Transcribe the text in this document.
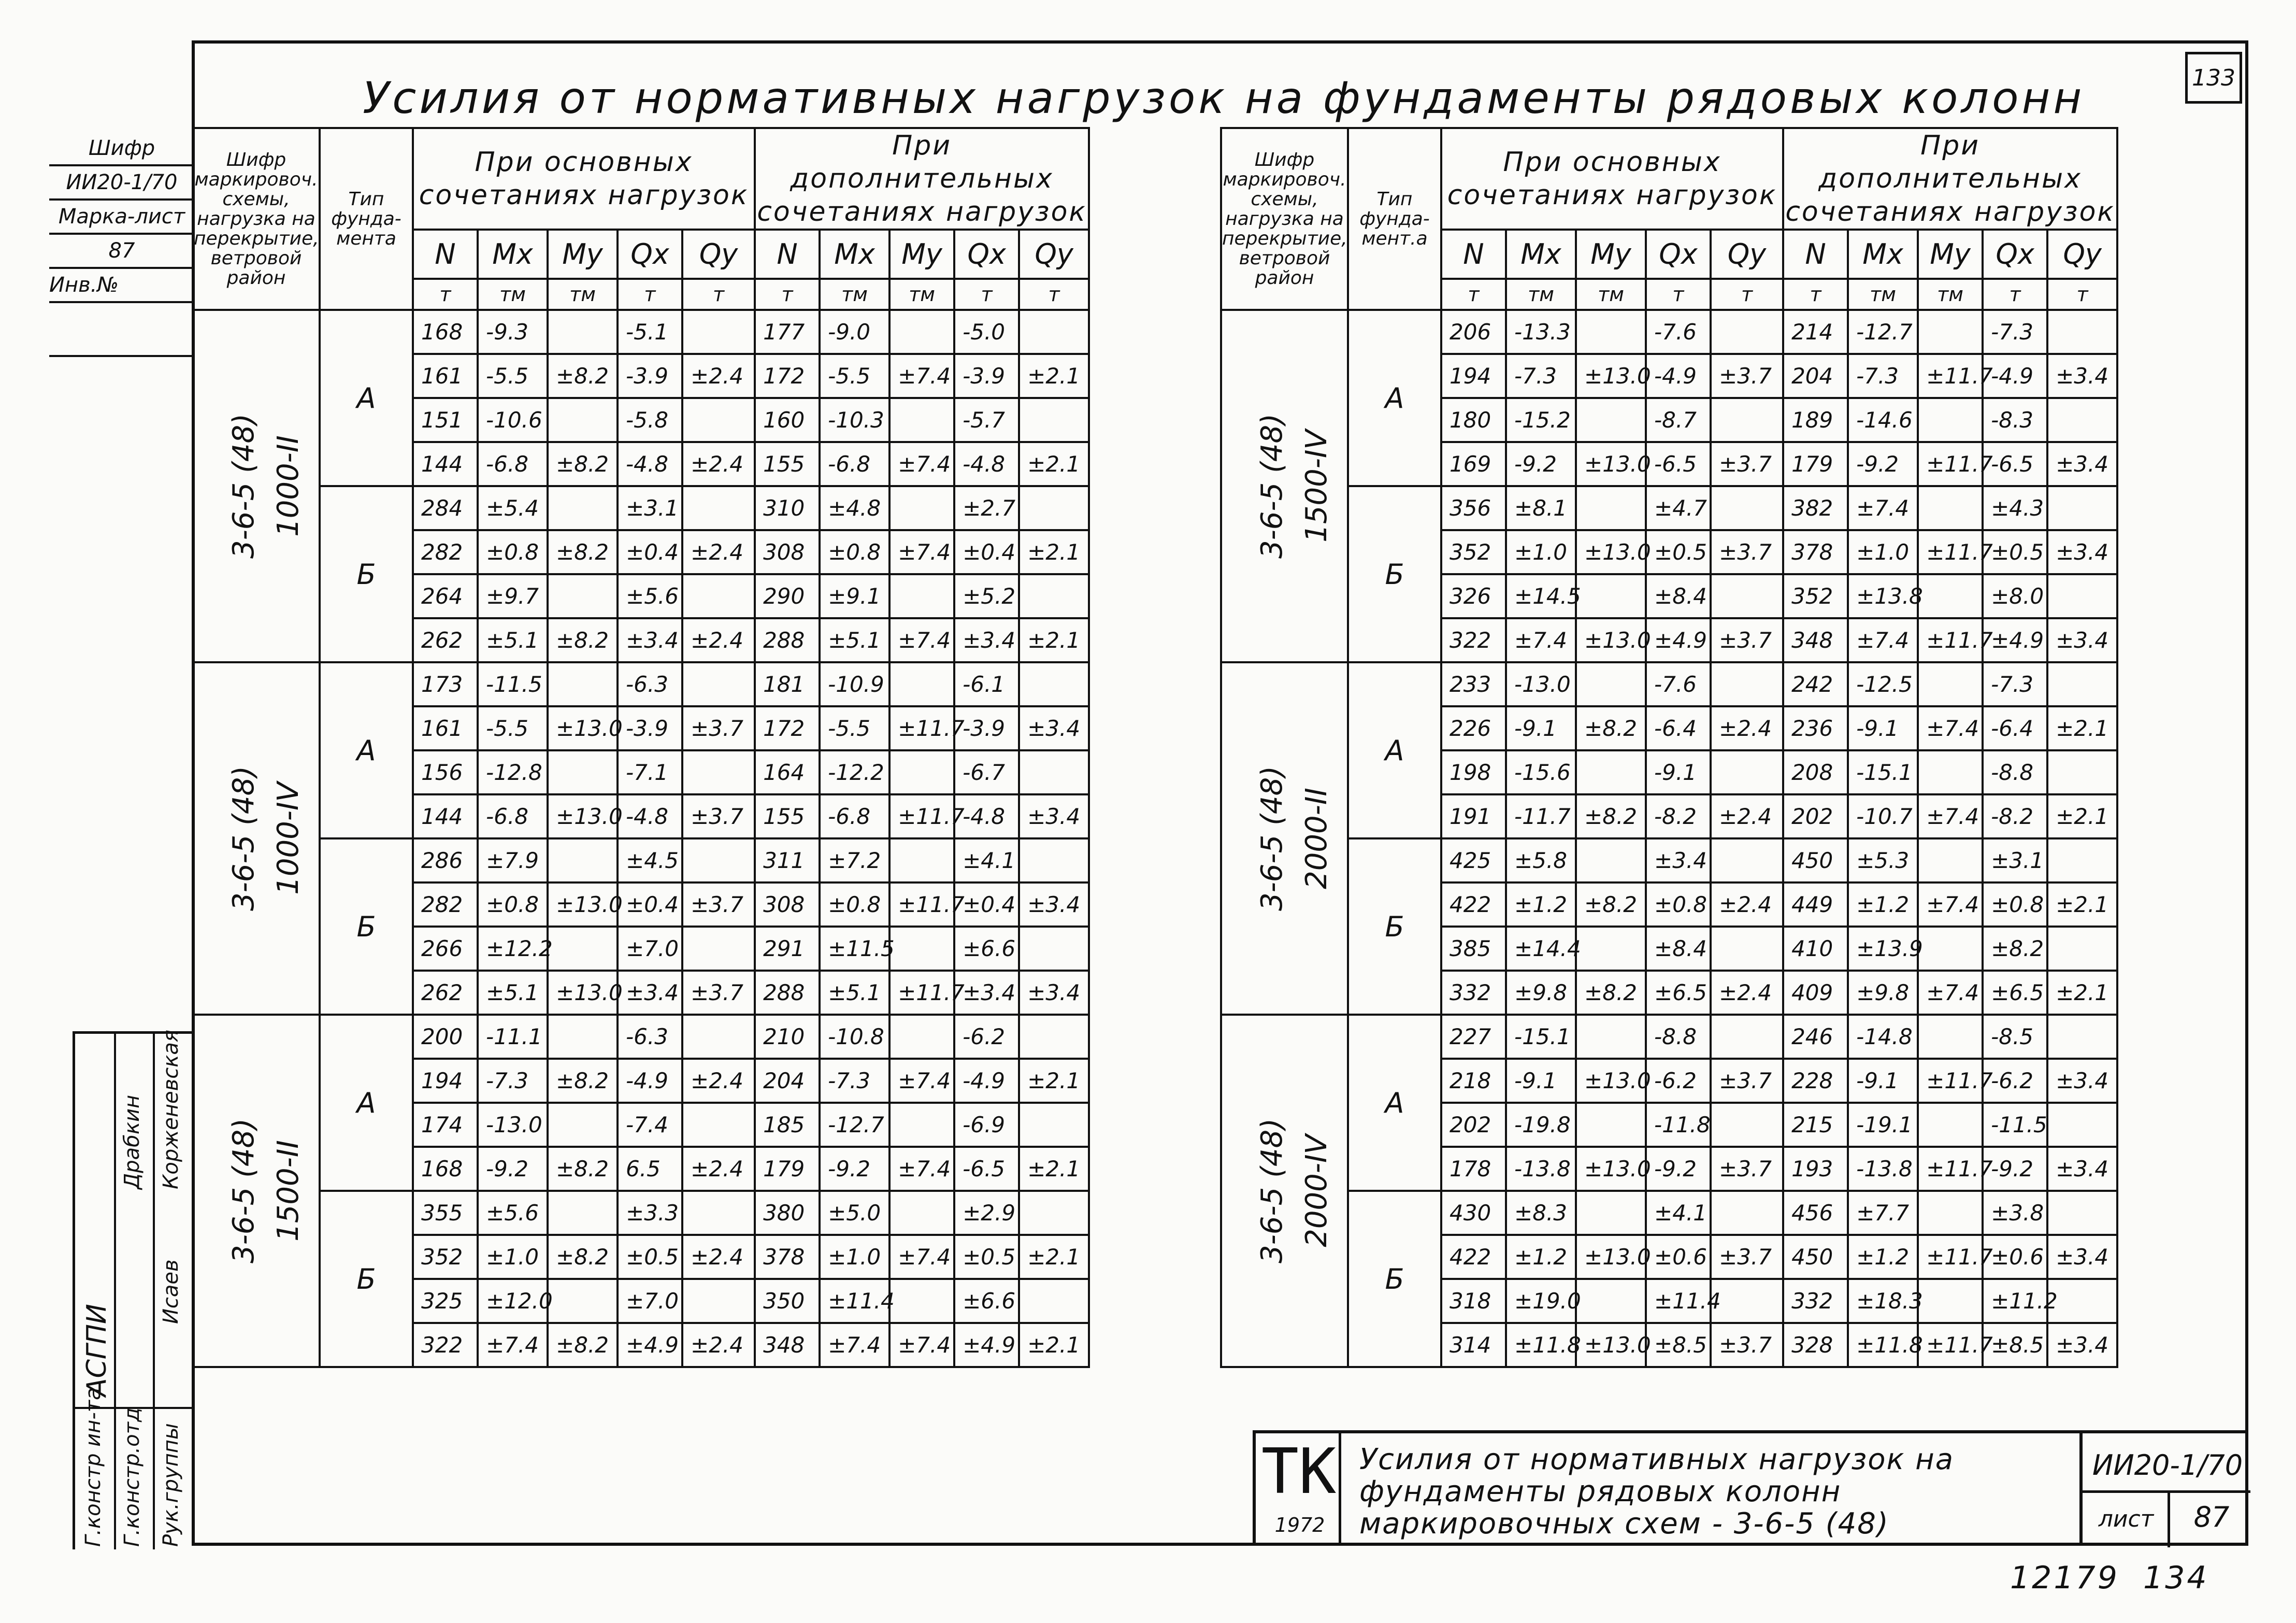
Усилия от нормативных нагрузок на фундаменты рядовых колонн	133
Шифр
ИИ20-1/70
Марка-лист
87
Инв.№

Шифр маркировоч. схемы, нагрузка на перекрытие, ветровой район	Тип фунда-мента	При основных сочетаниях нагрузок					При дополнительных сочетаниях нагрузок				
		N	Mx	My	Qx	Qy	N	Mx	My	Qx	Qy
		т	тм	тм	т	т	т	тм	тм	т	т

3-6-5 (48) 1000-II	А	168	-9.3		-5.1		177	-9.0		-5.0	
		161	-5.5	±8.2	-3.9	±2.4	172	-5.5	±7.4	-3.9	±2.1
		151	-10.6		-5.8		160	-10.3		-5.7	
		144	-6.8	±8.2	-4.8	±2.4	155	-6.8	±7.4	-4.8	±2.1
	Б	284	±5.4		±3.1		310	±4.8		±2.7	
		282	±0.8	±8.2	±0.4	±2.4	308	±0.8	±7.4	±0.4	±2.1
		264	±9.7		±5.6		290	±9.1		±5.2	
		262	±5.1	±8.2	±3.4	±2.4	288	±5.1	±7.4	±3.4	±2.1

3-6-5 (48) 1000-IV	А	173	-11.5		-6.3		181	-10.9		-6.1	
		161	-5.5	±13.0	-3.9	±3.7	172	-5.5	±11.7	-3.9	±3.4
		156	-12.8		-7.1		164	-12.2		-6.7	
		144	-6.8	±13.0	-4.8	±3.7	155	-6.8	±11.7	-4.8	±3.4
	Б	286	±7.9		±4.5		311	±7.2		±4.1	
		282	±0.8	±13.0	±0.4	±3.7	308	±0.8	±11.7	±0.4	±3.4
		266	±12.2		±7.0		291	±11.5		±6.6	
		262	±5.1	±13.0	±3.4	±3.7	288	±5.1	±11.7	±3.4	±3.4

3-6-5 (48) 1500-II	А	200	-11.1		-6.3		210	-10.8		-6.2	
		194	-7.3	±8.2	-4.9	±2.4	204	-7.3	±7.4	-4.9	±2.1
		174	-13.0		-7.4		185	-12.7		-6.9	
		168	-9.2	±8.2	6.5	±2.4	179	-9.2	±7.4	-6.5	±2.1
	Б	355	±5.6		±3.3		380	±5.0		±2.9	
		352	±1.0	±8.2	±0.5	±2.4	378	±1.0	±7.4	±0.5	±2.1
		325	±12.0		±7.0		350	±11.4		±6.6	
		322	±7.4	±8.2	±4.9	±2.4	348	±7.4	±7.4	±4.9	±2.1
Шифр маркировоч. схемы, нагрузка на перекрытие, ветровой район	Тип фунда-мент.а	При основных сочетаниях нагрузок					При дополнительных сочетаниях нагрузок				
		N	Mx	My	Qx	Qy	N	Mx	My	Qx	Qy
		т	тм	тм	т	т	т	тм	тм	т	т

3-6-5 (48) 1500-IV	А	206	-13.3		-7.6		214	-12.7		-7.3	
		194	-7.3	±13.0	-4.9	±3.7	204	-7.3	±11.7	-4.9	±3.4
		180	-15.2		-8.7		189	-14.6		-8.3	
		169	-9.2	±13.0	-6.5	±3.7	179	-9.2	±11.7	-6.5	±3.4
	Б	356	±8.1		±4.7		382	±7.4		±4.3	
		352	±1.0	±13.0	±0.5	±3.7	378	±1.0	±11.7	±0.5	±3.4
		326	±14.5		±8.4		352	±13.8		±8.0	
		322	±7.4	±13.0	±4.9	±3.7	348	±7.4	±11.7	±4.9	±3.4

3-6-5 (48) 2000-II	А	233	-13.0		-7.6		242	-12.5		-7.3	
		226	-9.1	±8.2	-6.4	±2.4	236	-9.1	±7.4	-6.4	±2.1
		198	-15.6		-9.1		208	-15.1		-8.8	
		191	-11.7	±8.2	-8.2	±2.4	202	-10.7	±7.4	-8.2	±2.1
	Б	425	±5.8		±3.4		450	±5.3		±3.1	
		422	±1.2	±8.2	±0.8	±2.4	449	±1.2	±7.4	±0.8	±2.1
		385	±14.4		±8.4		410	±13.9		±8.2	
		332	±9.8	±8.2	±6.5	±2.4	409	±9.8	±7.4	±6.5	±2.1

3-6-5 (48) 2000-IV	А	227	-15.1		-8.8		246	-14.8		-8.5	
		218	-9.1	±13.0	-6.2	±3.7	228	-9.1	±11.7	-6.2	±3.4
		202	-19.8		-11.8		215	-19.1		-11.5	
		178	-13.8	±13.0	-9.2	±3.7	193	-13.8	±11.7	-9.2	±3.4
	Б	430	±8.3		±4.1		456	±7.7		±3.8	
		422	±1.2	±13.0	±0.6	±3.7	450	±1.2	±11.7	±0.6	±3.4
		318	±19.0		±11.4		332	±18.3		±11.2	
		314	±11.8	±13.0	±8.5	±3.7	328	±11.8	±11.7	±8.5	±3.4
Г.констр ин-та Г.констр.отд Рук.группы
АСГПИ
Драбкин Корженевская
Исаев
ТК
1972
Усилия от нормативных нагрузок на фундаменты рядовых колонн маркировочных схем - 3-6-5 (48)
ИИ20-1/70
лист	87
12179  134
